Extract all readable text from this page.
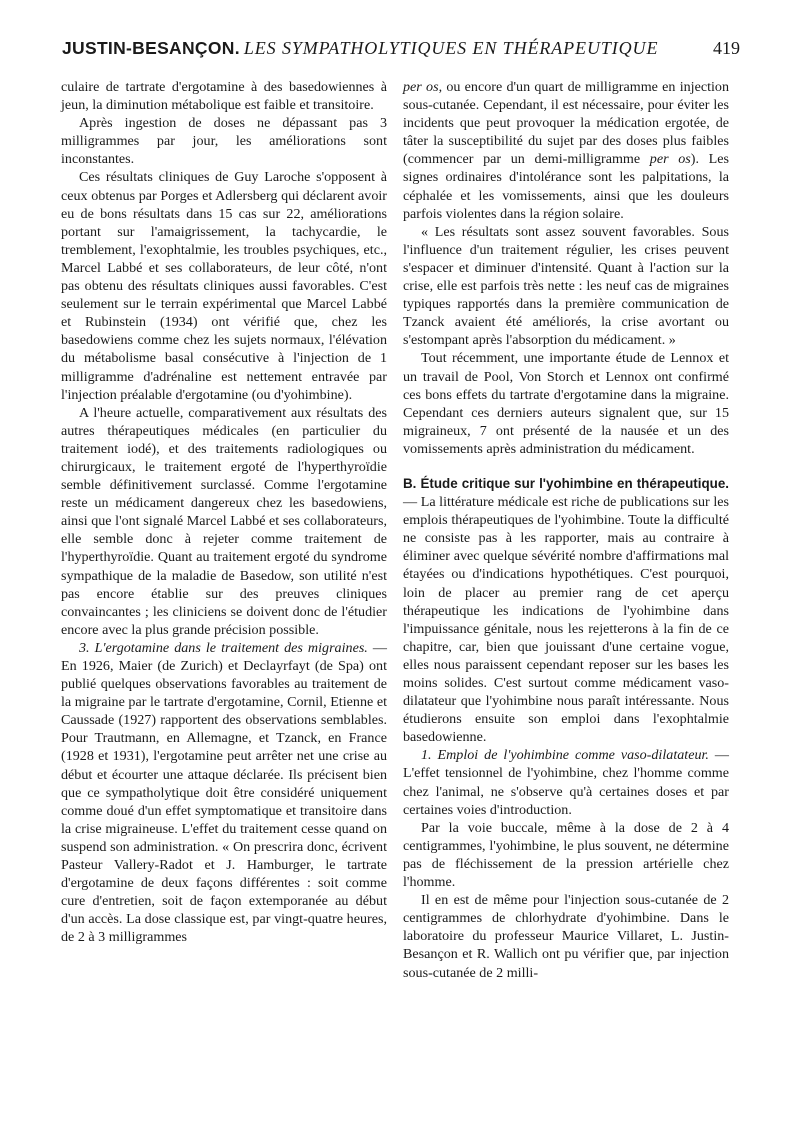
JUSTIN-BESANÇON. LES SYMPATHOLYTIQUES EN THÉRAPEUTIQUE	419

culaire de tartrate d'ergotamine à des basedowiennes à jeun, la diminution métabolique est faible et transitoire.

Après ingestion de doses ne dépassant pas 3 milligrammes par jour, les améliorations sont inconstantes.

Ces résultats cliniques de Guy Laroche s'opposent à ceux obtenus par Porges et Adlersberg qui déclarent avoir eu de bons résultats dans 15 cas sur 22, améliorations portant sur l'amaigrissement, la tachycardie, le tremblement, l'exophtalmie, les troubles psychiques, etc., Marcel Labbé et ses collaborateurs, de leur côté, n'ont pas obtenu des résultats cliniques aussi favorables. C'est seulement sur le terrain expérimental que Marcel Labbé et Rubinstein (1934) ont vérifié que, chez les basedowiens comme chez les sujets normaux, l'élévation du métabolisme basal consécutive à l'injection de 1 milligramme d'adrénaline est nettement entravée par l'injection préalable d'ergotamine (ou d'yohimbine).

A l'heure actuelle, comparativement aux résultats des autres thérapeutiques médicales (en particulier du traitement iodé), et des traitements radiologiques ou chirurgicaux, le traitement ergoté de l'hyperthyroïdie semble définitivement surclassé. Comme l'ergotamine reste un médicament dangereux chez les basedowiens, ainsi que l'ont signalé Marcel Labbé et ses collaborateurs, elle semble donc à rejeter comme traitement de l'hyperthyroïdie. Quant au traitement ergoté du syndrome sympathique de la maladie de Basedow, son utilité n'est pas encore établie sur des preuves cliniques convaincantes ; les cliniciens se doivent donc de l'étudier encore avec la plus grande précision possible.

3. L'ergotamine dans le traitement des migraines. — En 1926, Maier (de Zurich) et Declayrfayt (de Spa) ont publié quelques observations favorables au traitement de la migraine par le tartrate d'ergotamine, Cornil, Etienne et Caussade (1927) rapportent des observations semblables. Pour Trautmann, en Allemagne, et Tzanck, en France (1928 et 1931), l'ergotamine peut arrêter net une crise au début et écourter une attaque déclarée. Ils précisent bien que ce sympatholytique doit être considéré uniquement comme doué d'un effet symptomatique et transitoire dans la crise migraineuse. L'effet du traitement cesse quand on suspend son administration. « On prescrira donc, écrivent Pasteur Vallery-Radot et J. Hamburger, le tartrate d'ergotamine de deux façons différentes : soit comme cure d'entretien, soit de façon extemporanée au début d'un accès. La dose classique est, par vingt-quatre heures, de 2 à 3 milligrammes

per os, ou encore d'un quart de milligramme en injection sous-cutanée. Cependant, il est nécessaire, pour éviter les incidents que peut provoquer la médication ergotée, de tâter la susceptibilité du sujet par des doses plus faibles (commencer par un demi-milligramme per os). Les signes ordinaires d'intolérance sont les palpitations, la céphalée et les vomissements, ainsi que les douleurs parfois violentes dans la région solaire.

« Les résultats sont assez souvent favorables. Sous l'influence d'un traitement régulier, les crises peuvent s'espacer et diminuer d'intensité. Quant à l'action sur la crise, elle est parfois très nette : les neuf cas de migraines typiques rapportés dans la première communication de Tzanck avaient été améliorés, la crise avortant ou s'estompant après l'absorption du médicament. »

Tout récemment, une importante étude de Lennox et un travail de Pool, Von Storch et Lennox ont confirmé ces bons effets du tartrate d'ergotamine dans la migraine. Cependant ces derniers auteurs signalent que, sur 15 migraineux, 7 ont présenté de la nausée et un des vomissements après administration du médicament.

B. Étude critique sur l'yohimbine en thérapeutique. — La littérature médicale est riche de publications sur les emplois thérapeutiques de l'yohimbine. Toute la difficulté ne consiste pas à les rapporter, mais au contraire à éliminer avec quelque sévérité nombre d'affirmations mal étayées ou d'indications hypothétiques. C'est pourquoi, loin de placer au premier rang de cet aperçu thérapeutique les indications de l'yohimbine dans l'impuissance génitale, nous les rejetterons à la fin de ce chapitre, car, bien que jouissant d'une certaine vogue, elles nous paraissent cependant reposer sur les bases les moins solides. C'est surtout comme médicament vaso-dilatateur que l'yohimbine nous paraît intéressante. Nous étudierons ensuite son emploi dans l'exophtalmie basedowienne.

1. Emploi de l'yohimbine comme vaso-dilatateur. — L'effet tensionnel de l'yohimbine, chez l'homme comme chez l'animal, ne s'observe qu'à certaines doses et par certaines voies d'introduction.

Par la voie buccale, même à la dose de 2 à 4 centigrammes, l'yohimbine, le plus souvent, ne détermine pas de fléchissement de la pression artérielle chez l'homme.

Il en est de même pour l'injection sous-cutanée de 2 centigrammes de chlorhydrate d'yohimbine. Dans le laboratoire du professeur Maurice Villaret, L. Justin-Besançon et R. Wallich ont pu vérifier que, par injection sous-cutanée de 2 milli-
